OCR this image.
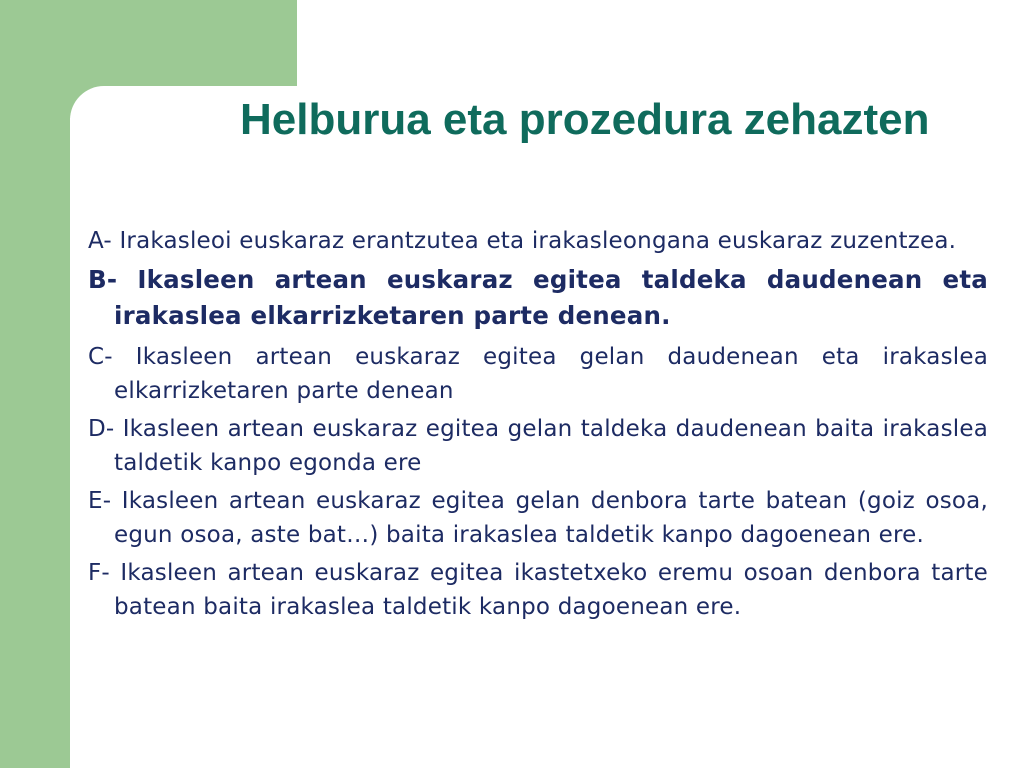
Helburua eta prozedura zehazten
A- Irakasleoi euskaraz erantzutea eta irakasleongana euskaraz zuzentzea.
B- Ikasleen artean euskaraz egitea taldeka daudenean eta irakaslea elkarrizketaren parte denean.
C- Ikasleen artean euskaraz egitea gelan daudenean eta irakaslea elkarrizketaren parte denean
D- Ikasleen artean euskaraz egitea gelan taldeka daudenean baita irakaslea taldetik kanpo egonda ere
E- Ikasleen artean euskaraz egitea gelan denbora tarte batean (goiz osoa, egun osoa, aste bat…) baita irakaslea taldetik kanpo dagoenean ere.
F- Ikasleen artean euskaraz egitea ikastetxeko eremu osoan denbora tarte batean baita irakaslea taldetik kanpo dagoenean ere.
